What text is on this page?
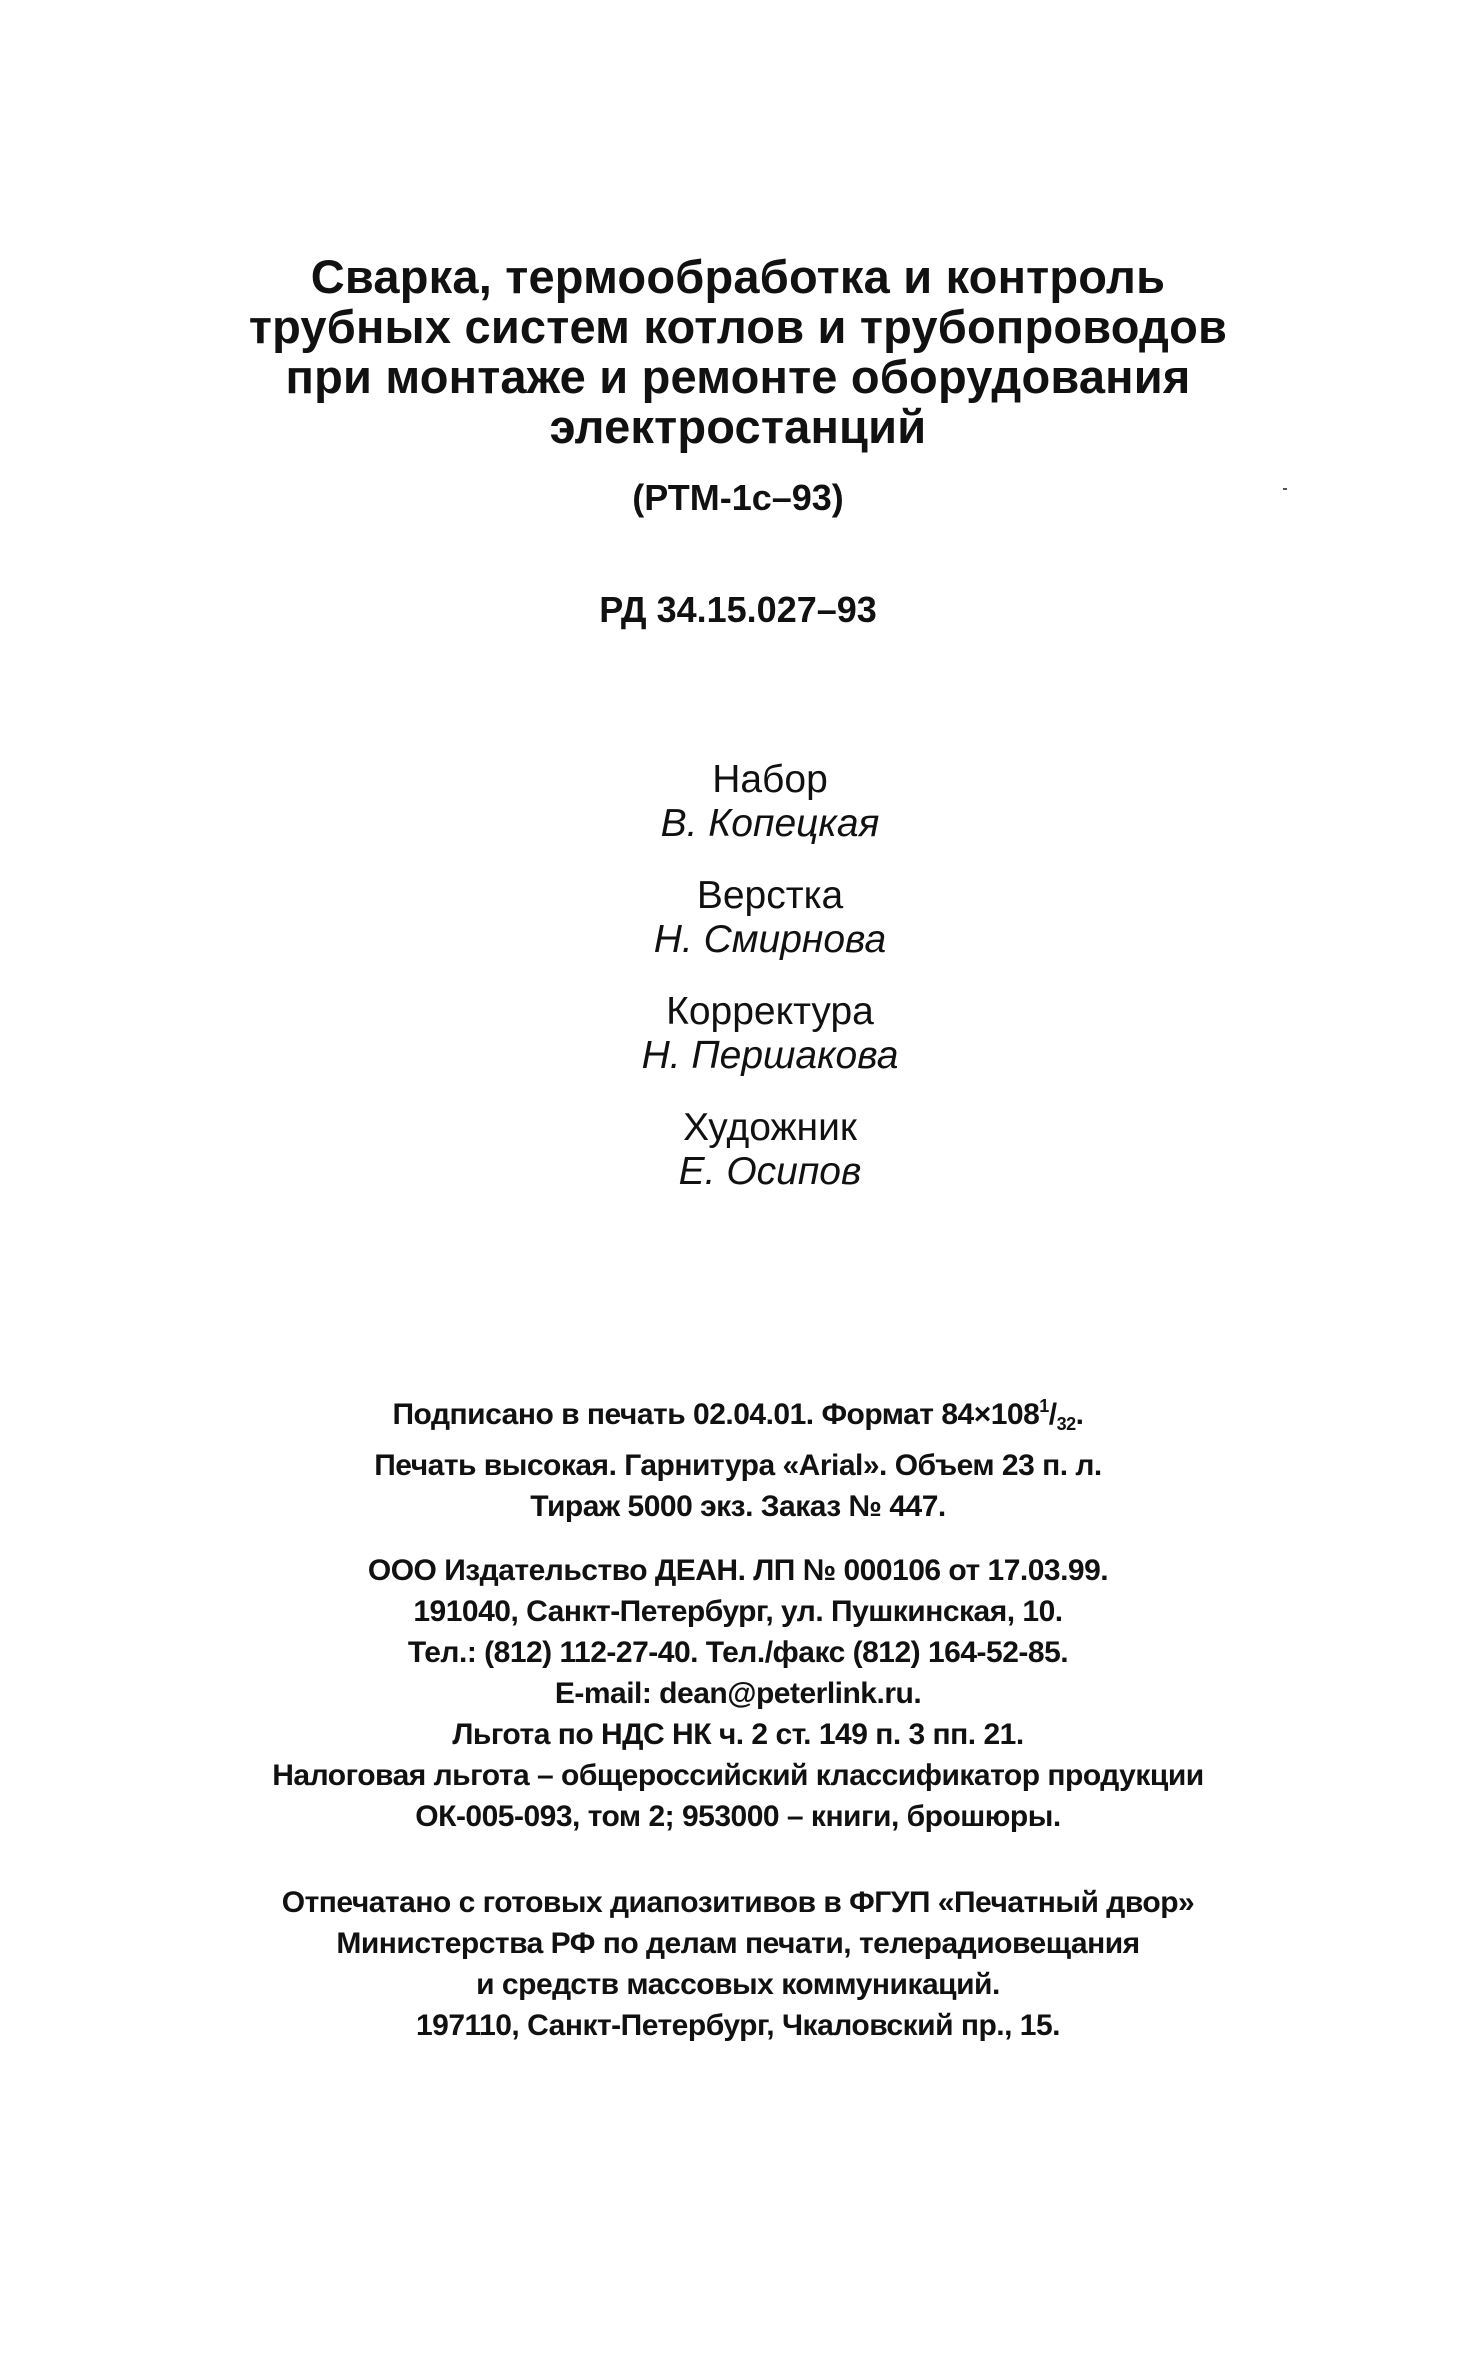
Сварка, термообработка и контроль
трубных систем котлов и трубопроводов
при монтаже и ремонте оборудования
электростанций
(РТМ-1с–93)
РД 34.15.027–93
Набор
В. Копецкая
Верстка
Н. Смирнова
Корректура
Н. Першакова
Художник
Е. Осипов
Подписано в печать 02.04.01. Формат $84\times 108^1/_{32}$.
Печать высокая. Гарнитура «Arial». Объем 23 п. л.
Тираж 5000 экз. Заказ № 447.
ООО Издательство ДЕАН. ЛП № 000106 от 17.03.99.
191040, Санкт-Петербург, ул. Пушкинская, 10.
Тел.: (812) 112-27-40. Тел./факс (812) 164-52-85.
E-mail: dean@peterlink.ru.
Льгота по НДС НК ч. 2 ст. 149 п. 3 пп. 21.
Налоговая льгота – общероссийский классификатор продукции
ОК-005-093, том 2; 953000 – книги, брошюры.
Отпечатано с готовых диапозитивов в ФГУП «Печатный двор»
Министерства РФ по делам печати, телерадиовещания
и средств массовых коммуникаций.
197110, Санкт-Петербург, Чкаловский пр., 15.
